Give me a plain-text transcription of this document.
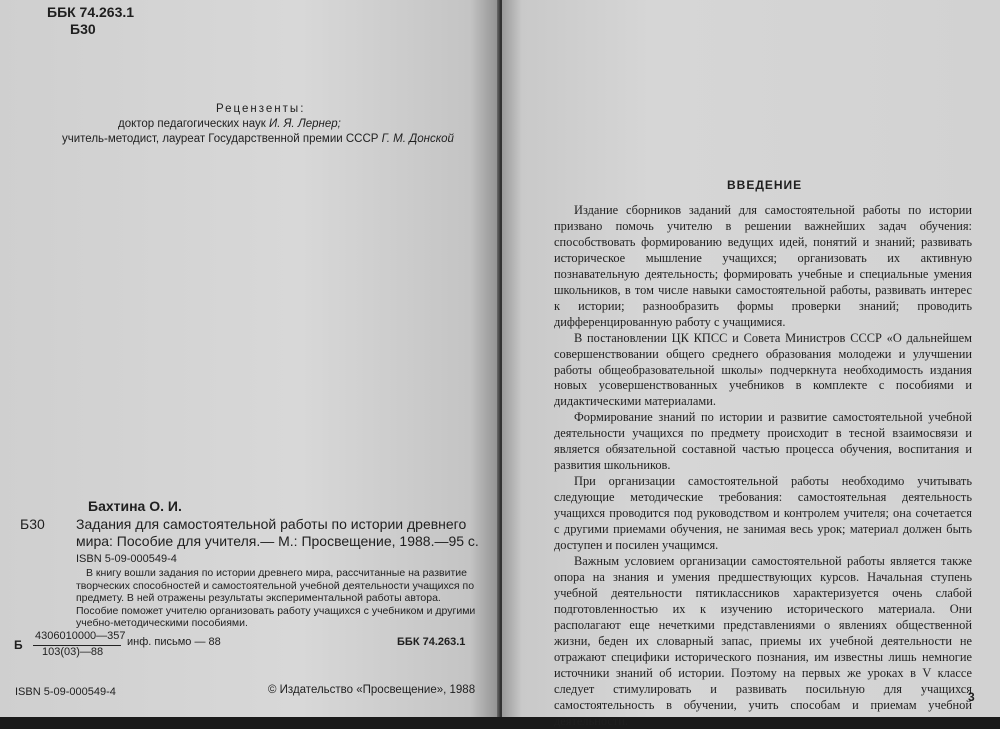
ББК 74.263.1
Б30
Рецензенты:
доктор педагогических наук И. Я. Лернер;
учитель-методист, лауреат Государственной премии СССР Г. М. Донской
Бахтина О. И.
Б30 Задания для самостоятельной работы по истории древнего мира: Пособие для учителя.— М.: Просвещение, 1988.—95 с.
ISBN 5-09-000549-4
В книгу вошли задания по истории древнего мира, рассчитанные на развитие творческих способностей и самостоятельной учебной деятельности учащихся по предмету. В ней отражены результаты экспериментальной работы автора. Пособие поможет учителю организовать работу учащихся с учебником и другими учебно-методическими пособиями.
Б
4306010000—357
103(03)—88
инф. письмо — 88	ББК 74.263.1
ISBN 5-09-000549-4	© Издательство «Просвещение», 1988
ВВЕДЕНИЕ

Издание сборников заданий для самостоятельной работы по истории призвано помочь учителю в решении важнейших задач обучения: способствовать формированию ведущих идей, понятий и знаний; развивать историческое мышление учащихся; организовать их активную познавательную деятельность; формировать учебные и специальные умения школьников, в том числе навыки самостоятельной работы, развивать интерес к истории; разнообразить формы проверки знаний; проводить дифференцированную работу с учащимися.

В постановлении ЦК КПСС и Совета Министров СССР «О дальнейшем совершенствовании общего среднего образования молодежи и улучшении работы общеобразовательной школы» подчеркнута необходимость издания новых усовершенствованных учебников в комплекте с пособиями и дидактическими материалами.

Формирование знаний по истории и развитие самостоятельной учебной деятельности учащихся по предмету происходит в тесной взаимосвязи и является обязательной составной частью процесса обучения, воспитания и развития школьников.

При организации самостоятельной работы необходимо учитывать следующие методические требования: самостоятельная деятельность учащихся проводится под руководством и контролем учителя; она сочетается с другими приемами обучения, не занимая весь урок; материал должен быть доступен и посилен учащимся.

Важным условием организации самостоятельной работы является также опора на знания и умения предшествующих курсов. Начальная ступень учебной деятельности пятиклассников характеризуется очень слабой подготовленностью их к изучению исторического материала. Они располагают еще нечеткими представлениями о явлениях общественной жизни, беден их словарный запас, приемы их учебной деятельности не отражают специфики исторического познания, им известны лишь немногие источники знаний об истории. Поэтому на первых же уроках в V классе следует стимулировать и развивать посильную для учащихся самостоятельность в обучении, учить способам и приемам учебной деятельности.

3
